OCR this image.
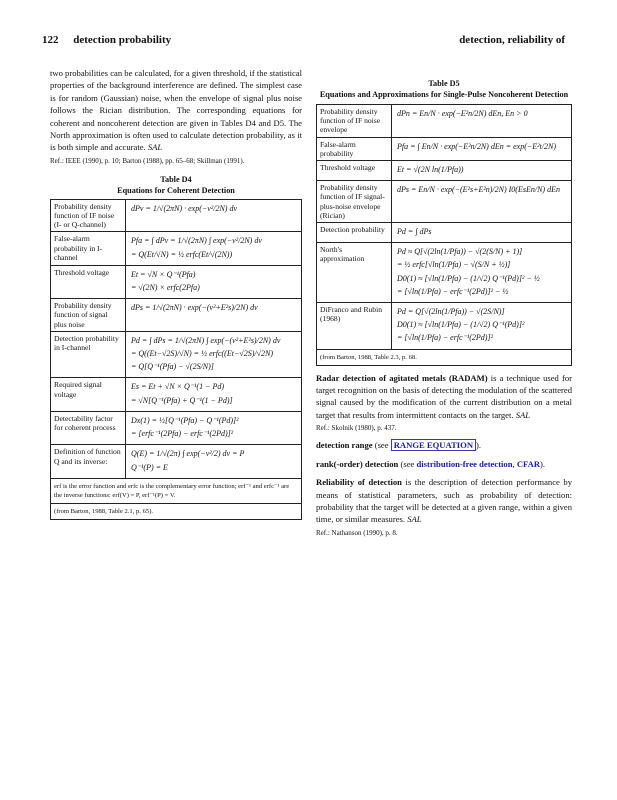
122 detection probability	detection, reliability of

two probabilities can be calculated, for a given threshold, if the statistical properties of the background interference are defined. The simplest case is for random (Gaussian) noise, when the envelope of signal plus noise follows the Rician distribution. The corresponding equations for coherent and noncoherent detection are given in Tables D4 and D5. The North approximation is often used to calculate detection probability, as it is both simple and accurate. SAL

Ref.: IEEE (1990), p. 10; Barton (1988), pp. 65–68; Skillman (1991).
Table D4
Equations for Coherent Detection
Probability density function of IF noise (I- or Q-channel)	dPv = 1/√(2πN) · exp(−v²/2N) dv

False-alarm probability in I-channel	Pfa = ∫ dPv = 1/√(2πN) ∫ exp(−v²/2N) dv
= Q(Et/√N) = ½ erfc(Et/√(2N))

Threshold voltage	Et = √N × Q⁻¹(Pfa)
= √(2N) × erfc(2Pfa)

Probability density function of signal plus noise	dPs = 1/√(2πN) · exp(−(v²+E²s)/2N) dv

Detection probability in I-channel	Pd = ∫ dPs = 1/√(2πN) ∫ exp(−(v²+E²s)/2N) dv
= Q((Et−√2S)/√N) = ½ erfc((Et−√2S)/√2N)
= Q[Q⁻¹(Pfa) − √(2S/N)]

Required signal voltage	Es = Et + √N × Q⁻¹(1 − Pd)
= √N[Q⁻¹(Pfa) + Q⁻¹(1 − Pd)]

Detectability factor for coherent process	Dx(1) = ½[Q⁻¹(Pfa) − Q⁻¹(Pd)]²
= [erfc⁻¹(2Pfa) − erfc⁻¹(2Pd)]²

Definition of function Q and its inverse:	Q(E) = 1/√(2π) ∫ exp(−v²/2) dv = P
Q⁻¹(P) = E
erf is the error function and erfc is the complementary error function; erf⁻¹ and erfc⁻¹ are the inverse functions: erf(V) = P, erf⁻¹(P) = V.
(from Barton, 1988, Table 2.1, p. 65).
Table D5
Equations and Approximations for Single-Pulse Noncoherent Detection
Probability density function of IF noise envelope	dPn = En/N · exp(−E²n/2N) dEn, En > 0

False-alarm probability	Pfa = ∫ En/N · exp(−E²n/2N) dEn = exp(−E²t/2N)

Threshold voltage	Et = √(2N ln(1/Pfa))

Probability density function of IF signal-plus-noise envelope (Rician)	dPs = En/N · exp(−(E²s+E²n)/2N) I0(EsEn/N) dEn

Detection probability	Pd = ∫ dPs

North's approximation	Pd ≈ Q[√(2ln(1/Pfa)) − √(2(S/N) + 1)]
= ½ erfc[√ln(1/Pfa) − √(S/N + ½)]
D0(1) ≈ [√ln(1/Pfa) − (1/√2) Q⁻¹(Pd)]² − ½
= [√ln(1/Pfa) − erfc⁻¹(2Pd)]² − ½

DiFranco and Rubin (1968)	Pd = Q[√(2ln(1/Pfa)) − √(2S/N)]
D0(1) ≈ [√ln(1/Pfa) − (1/√2) Q⁻¹(Pd)]²
= [√ln(1/Pfa) − erfc⁻¹(2Pd)]²
(from Barton, 1988, Table 2.3, p. 68.

Radar detection of agitated metals (RADAM) is a technique used for target recognition on the basis of detecting the modulation of the scattered signal caused by the modification of the current distribution on a metal target that results from intermittent contacts on the target. SAL

Ref.: Skolnik (1980), p. 437.

detection range (see RANGE EQUATION ).

rank(-order) detection (see distribution-free detection, CFAR).

Reliability of detection is the description of detection performance by means of statistical parameters, such as probability of detection: probability that the target will be detected at a given range, within a given time, or similar measures. SAL

Ref.: Nathanson (1990), p. 8.
